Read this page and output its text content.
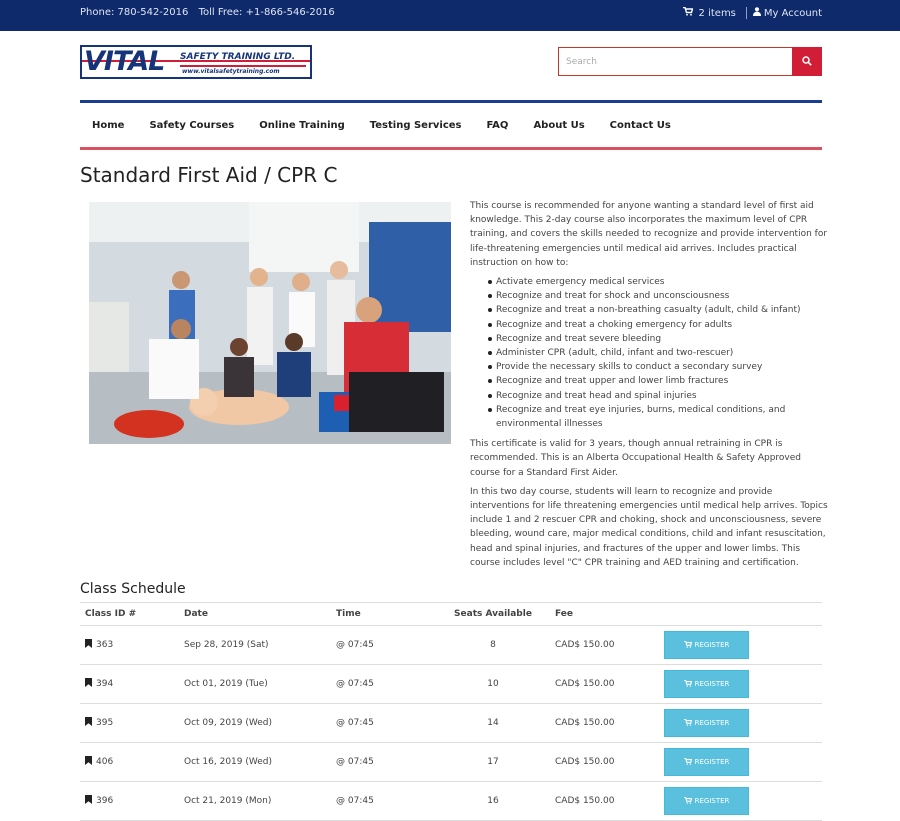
Phone: 780-542-2016 Toll Free: +1-866-546-2016	2 items	My Account
VITAL SAFETY TRAINING LTD.
www.vitalsafetytraining.com
Search
Home	Safety Courses	Online Training	Testing Services	FAQ	About Us	Contact Us
Standard First Aid / CPR C

This course is recommended for anyone wanting a standard level of first aid knowledge. This 2-day course also incorporates the maximum level of CPR training, and covers the skills needed to recognize and provide intervention for life-threatening emergencies until medical aid arrives. Includes practical instruction on how to:

Activate emergency medical services
Recognize and treat for shock and unconsciousness
Recognize and treat a non-breathing casualty (adult, child & infant)
Recognize and treat a choking emergency for adults
Recognize and treat severe bleeding
Administer CPR (adult, child, infant and two-rescuer)
Provide the necessary skills to conduct a secondary survey
Recognize and treat upper and lower limb fractures
Recognize and treat head and spinal injuries
Recognize and treat eye injuries, burns, medical conditions, and environmental illnesses

This certificate is valid for 3 years, though annual retraining in CPR is recommended. This is an Alberta Occupational Health & Safety Approved course for a Standard First Aider.

In this two day course, students will learn to recognize and provide interventions for life threatening emergencies until medical help arrives. Topics include 1 and 2 rescuer CPR and choking, shock and unconsciousness, severe bleeding, wound care, major medical conditions, child and infant resuscitation, head and spinal injuries, and fractures of the upper and lower limbs. This course includes level "C" CPR training and AED training and certification.

Class Schedule
Class ID #	Date	Time	Seats Available	Fee
363	Sep 28, 2019 (Sat)	@ 07:45	8	CAD$ 150.00	REGISTER
394	Oct 01, 2019 (Tue)	@ 07:45	10	CAD$ 150.00	REGISTER
395	Oct 09, 2019 (Wed)	@ 07:45	14	CAD$ 150.00	REGISTER
406	Oct 16, 2019 (Wed)	@ 07:45	17	CAD$ 150.00	REGISTER
396	Oct 21, 2019 (Mon)	@ 07:45	16	CAD$ 150.00	REGISTER
